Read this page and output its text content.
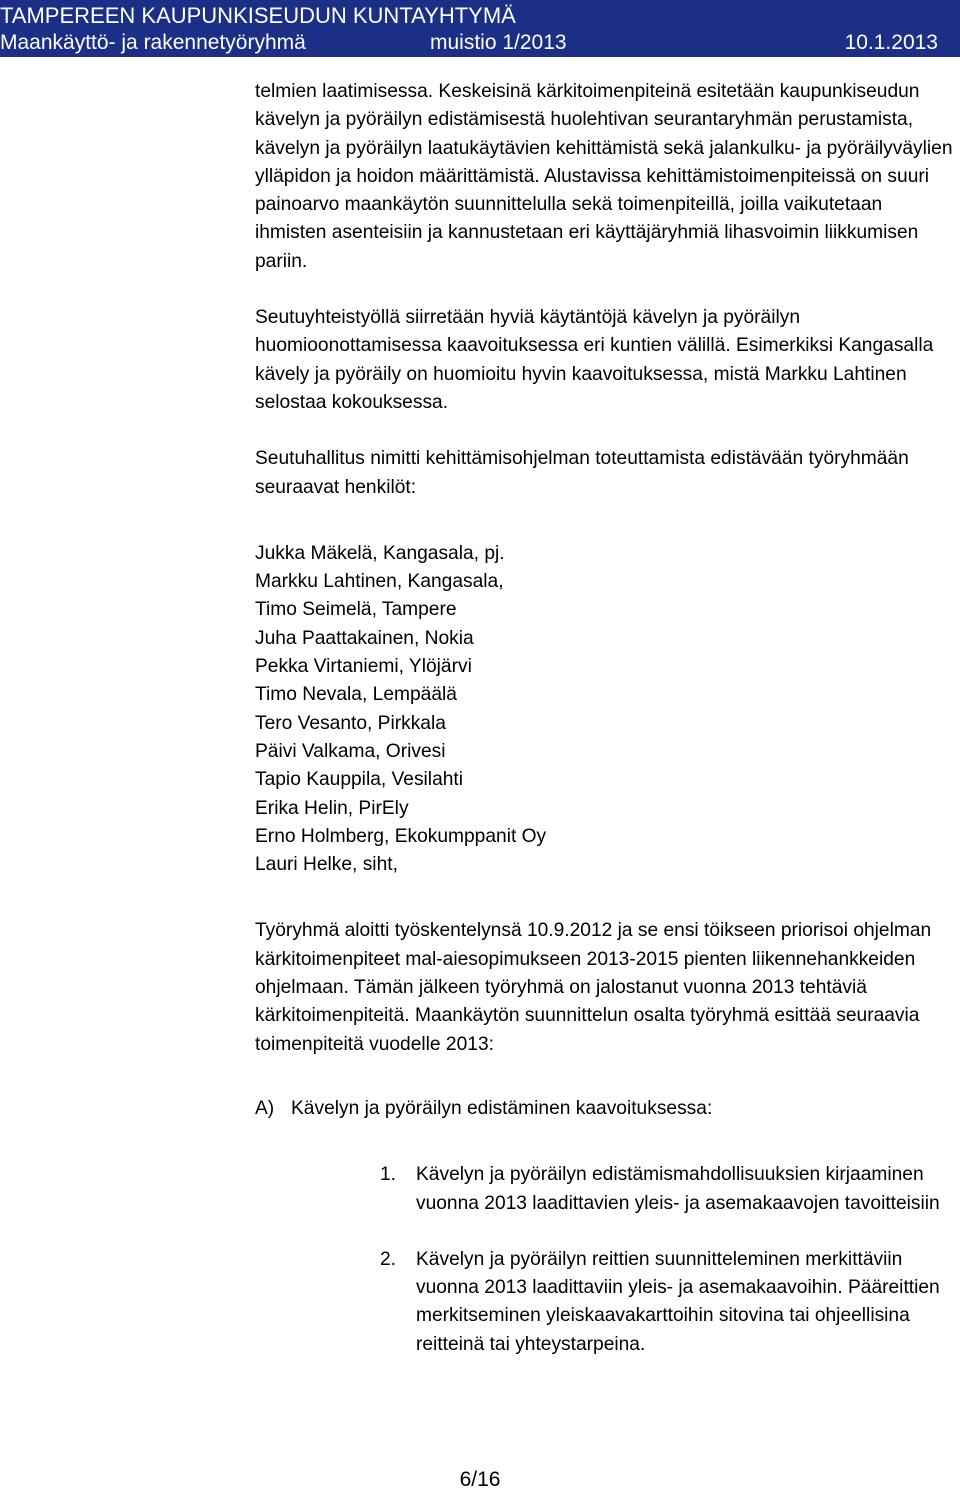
TAMPEREEN KAUPUNKISEUDUN KUNTAYHTYMÄ
Maankäyttö- ja rakennetyöryhmä	muistio 1/2013	10.1.2013

telmien laatimisessa. Keskeisinä kärkitoimenpiteinä esitetään kaupunkiseudun kävelyn ja pyöräilyn edistämisestä huolehtivan seurantaryhmän perustamista, kävelyn ja pyöräilyn laatukäytävien kehittämistä sekä jalankulku- ja pyöräilyväylien ylläpidon ja hoidon määrittämistä. Alustavissa kehittämistoimenpiteissä on suuri painoarvo maankäytön suunnittelulla sekä toimenpiteillä, joilla vaikutetaan ihmisten asenteisiin ja kannustetaan eri käyttäjäryhmiä lihasvoimin liikkumisen pariin.

Seutuyhteistyöllä siirretään hyviä käytäntöjä kävelyn ja pyöräilyn huomioonottamisessa kaavoituksessa eri kuntien välillä. Esimerkiksi Kangasalla kävely ja pyöräily on huomioitu hyvin kaavoituksessa, mistä Markku Lahtinen selostaa kokouksessa.

Seutuhallitus nimitti kehittämisohjelman toteuttamista edistävään työryhmään seuraavat henkilöt:

Jukka Mäkelä, Kangasala, pj.
Markku Lahtinen, Kangasala,
Timo Seimelä, Tampere
Juha Paattakainen, Nokia
Pekka Virtaniemi, Ylöjärvi
Timo Nevala, Lempäälä
Tero Vesanto, Pirkkala
Päivi Valkama, Orivesi
Tapio Kauppila, Vesilahti
Erika Helin, PirEly
Erno Holmberg, Ekokumppanit Oy
Lauri Helke, siht,

Työryhmä aloitti työskentelynsä 10.9.2012 ja se ensi töikseen priorisoi ohjelman kärkitoimenpiteet mal-aiesopimukseen 2013-2015 pienten liikennehankkeiden ohjelmaan. Tämän jälkeen työryhmä on jalostanut vuonna 2013 tehtäviä kärkitoimenpiteitä. Maankäytön suunnittelun osalta työryhmä esittää seuraavia toimenpiteitä vuodelle 2013:

A) Kävelyn ja pyöräilyn edistäminen kaavoituksessa:
1.	Kävelyn ja pyöräilyn edistämismahdollisuuksien kirjaaminen vuonna 2013 laadittavien yleis- ja asemakaavojen tavoitteisiin
2.	Kävelyn ja pyöräilyn reittien suunnitteleminen merkittäviin vuonna 2013 laadittaviin yleis- ja asemakaavoihin. Pääreittien merkitseminen yleiskaavakarttoihin sitovina tai ohjeellisina reitteinä tai yhteystarpeina.
6/16
